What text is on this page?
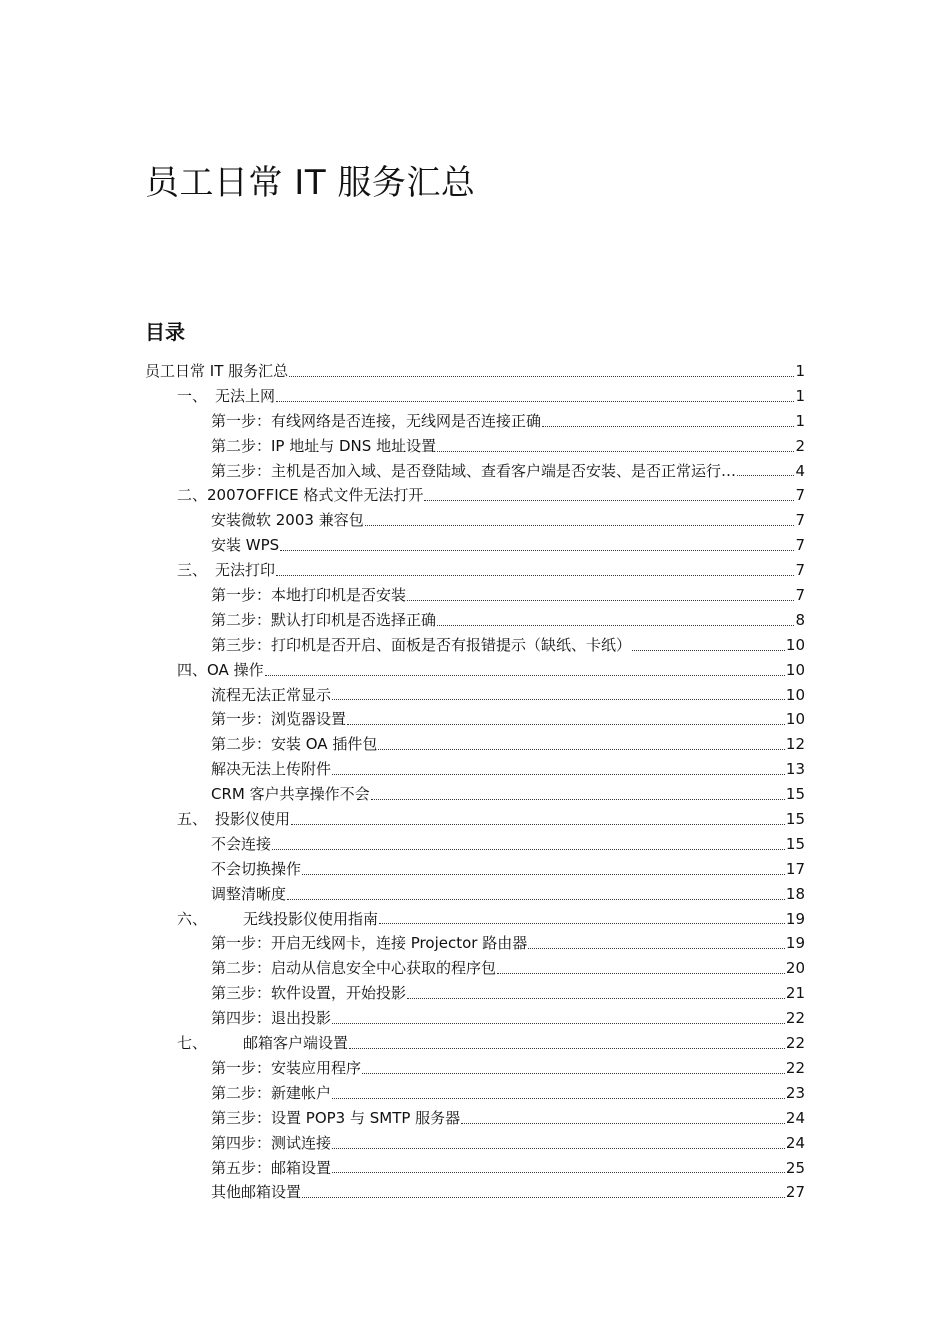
员工日常 IT 服务汇总
目录
员工日常 IT 服务汇总	1
一、 无法上网	1
第一步：有线网络是否连接，无线网是否连接正确	1
第二步：IP 地址与 DNS 地址设置	2
第三步：主机是否加入域、是否登陆域、查看客户端是否安装、是否正常运行…	4
二、 2007OFFICE 格式文件无法打开	7
安装微软 2003 兼容包	7
安装 WPS	7
三、 无法打印	7
第一步：本地打印机是否安装	7
第二步：默认打印机是否选择正确	8
第三步：打印机是否开启、面板是否有报错提示（缺纸、卡纸）	10
四、 OA 操作	10
流程无法正常显示	10
第一步：浏览器设置	10
第二步：安装 OA 插件包	12
解决无法上传附件	13
CRM 客户共享操作不会	15
五、 投影仪使用	15
不会连接	15
不会切换操作	17
调整清晰度	18
六、	无线投影仪使用指南	19
第一步：开启无线网卡，连接 Projector 路由器	19
第二步：启动从信息安全中心获取的程序包	20
第三步：软件设置，开始投影	21
第四步：退出投影	22
七、	邮箱客户端设置	22
第一步：安装应用程序	22
第二步：新建帐户	23
第三步：设置 POP3 与 SMTP 服务器	24
第四步：测试连接	24
第五步：邮箱设置	25
其他邮箱设置	27
